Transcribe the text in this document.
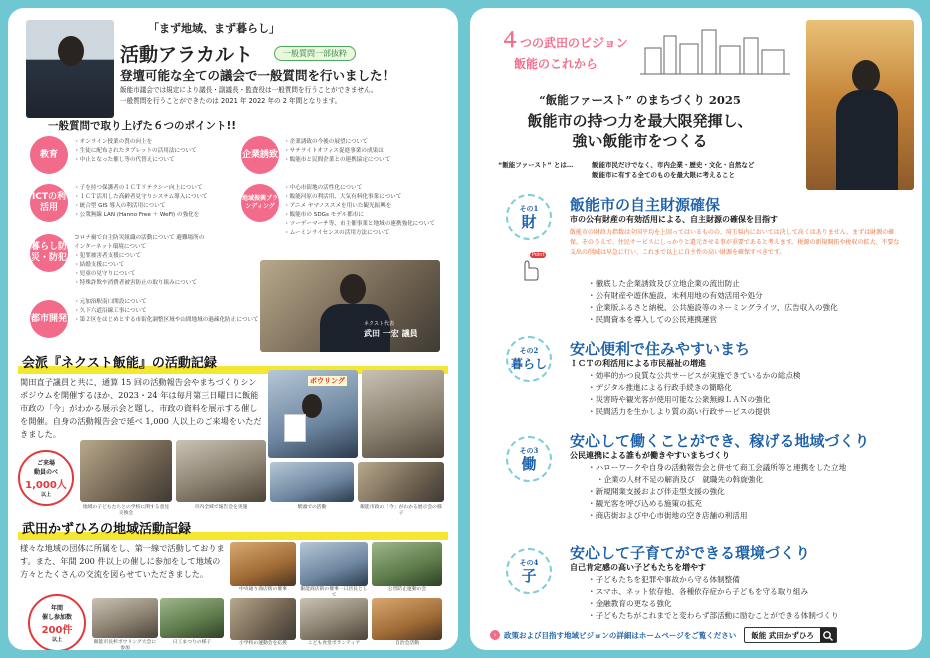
「まず地域、まず暮らし」
活動アラカルト	一般質問一部抜粋
登壇可能な全ての議会で一般質問を行いました！
飯能市議会では規定により議長・副議長・監査役は一般質問を行うことができません。
一般質問を行うことができたのは 2021 年 2022 年の 2 年間となります。
一般質問で取り上げた６つのポイント!!
教育
・ オンライン授業の質の向上を
・ 生徒に配布されたタブレットの活用法について
・ 中止となった催し等の代替えについて
ICTの利活用
・ 子を持つ保護者のＩＣＴリテラシー向上について
・ ＩＣＴ活用した高齢者見守りシステム導入について
・ 統合型 GIS 導入の利活用について
・ 公衆無線 LAN (Hanno Free ＋ WeFi) の強化を
暮らし防災・防犯
コロナ禍で自主防災組織の活動について 避難場所の
インターネット環境について
・ 犯罪被害者支援について
・ 結婚支援について
・ 児童の見守りについて
・ 特殊詐欺や消費者被害防止の取り組みについて
都市開発
・ 元加治駅南口開設について
・ 久下六道沿線工事について
・ 第２区をはじめとする市街化調整区域や山間地域の過疎化防止について
企業誘致
・ 企業誘致の今後の展望について
・ サテライトオフィス促進事業の成果は
・ 飯能市と民間企業との連携協定について
地域振興ブランディング
・ 中心市街地の活性化について
・ 飯能河原の利活用、大気有料化事業について
・ アニメ ヤマノススメを用いた観光振興を
・ 飯能市の SDGs モデル都市に
・ ツーデーマーチ等、市主催事業と地域の連携強化について
・ ムーミンライセンスの活用方法について
ネクスト代表
武田 一宏 議員
会派『ネクスト飯能』の活動記録
関田直子議員と共に、通算 15 回の活動報告会やまちづくりシンポジウムを開催するほか、2023・24 年は毎月第三日曜日に飯能市政の「今」がわかる展示会と題し、市政の資料を展示する催しを開催。自身の活動報告会で延べ 1,000 人以上のご来場をいただきました。
ボウリング
ご来場
動員のべ
1,000人
以上
地域の子どもたちとの学校に関する意見交換会
市内全域で報告会を実施	駅頭での活動	飯能市政の「今」がわかる展示会の様子
武田かずひろの地域活動記録
様々な地域の団体に所属をし、第一線で活動しております。また、年間 200 件以上の催しに参加をして地域の方々とたくさんの交流を図らせていただきました。
年間
催し参加数
200件
以上	飯能市長杯ボウリング大会に参加
中央通り商店街の催事	飯能商店街の催事一日店長として
公害防止運動の会
日工まつりの様子	小学校の運動会を応援	こども食堂ボランティア	自治会活動
４つの武田のビジョン
飯能のこれから
“飯能ファースト” のまちづくり 2025
飯能市の持つ力を最大限発揮し、
強い飯能市をつくる
“飯能ファースト” とは…	飯能市民だけでなく、市内企業・歴史・文化・自然など
飯能市に有する全てのものを最大限に考えること
その1
財
Point
飯能市の自主財源確保
市の公有財産の有効活用による、自主財源の確保を目指す
飯能市の財政力指数は全国平均を上回ってはいるものの、埼玉県内においては決して高くはありません。まずは財源の確保。そのうえで、住民サービスにしっかりと還元させる事が重要であると考えます。税源の新規開拓や税収の拡大、不要な支出の削減は早急に行い、これまで以上に自主性の高い財源を確保すべきです。
・ 徹底した企業誘致及び立地企業の流出防止
・ 公有財産や遊休施設、未利用地の有効活用や処分
・ 企業版ふるさと納税、公共施設等のネーミングライツ、広告収入の強化
・ 民間資本を導入しての公民連携運営
その2
暮らし
安心便利で住みやすいまち
ＩＣＴの利活用による市民福祉の増進
・ 効率的かつ良質な公共サービスが実施できているかの総点検
・ デジタル推進による行政手続きの簡略化
・ 災害時や観光客が使用可能な公衆無線ＬＡＮの強化
・ 民間活力を生かしより質の高い行政サービスの提供
その3
働
安心して働くことができ、稼げる地域づくり
公民連携による誰もが働きやすいまちづくり
・ ハローワークや自身の活動報告会と併せて商工会議所等と連携をした立地
・ 企業の人材不足の解消及び　就職先の斡旋強化
・ 新規開業支援および伴走型支援の強化
・ 観光客を呼び込める施策の拡充
・ 商店街および中心市街地の空き店舗の利活用
その4
子
安心して子育てができる環境づくり
自己肯定感の高い子どもたちを増やす
・ 子どもたちを犯罪や事故から守る体制整備
・ スマホ、ネット依存他、各種依存症から子どもを守る取り組み
・ 金融教育の更なる強化
・ 子どもたちがこれまでと変わらず部活動に励むことができる体制づくり
›	政策および目指す地域ビジョンの詳細はホームページをご覧ください 飯能 武田かずひろ
